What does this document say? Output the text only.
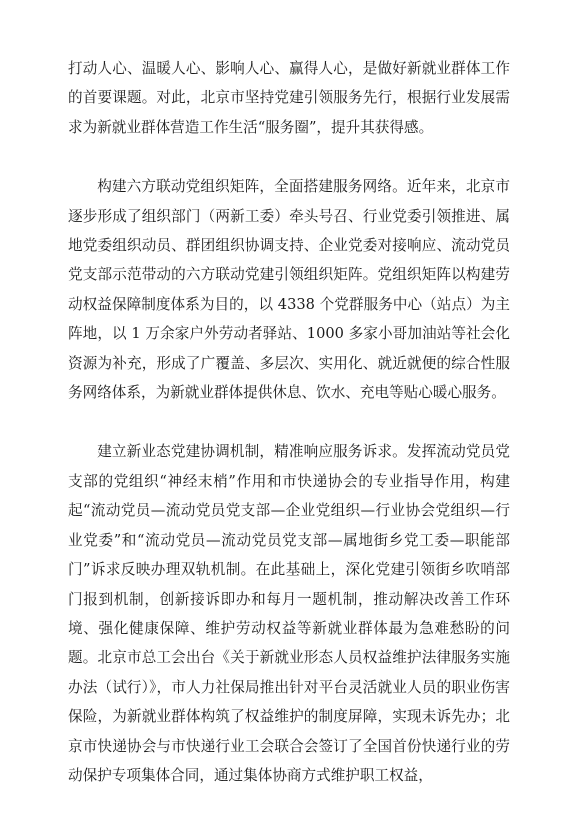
打动人心、温暖人心、影响人心、赢得人心，是做好新就业群体工作的首要课题。对此，北京市坚持党建引领服务先行，根据行业发展需求为新就业群体营造工作生活“服务圈”，提升其获得感。

构建六方联动党组织矩阵，全面搭建服务网络。近年来，北京市逐步形成了组织部门（两新工委）牵头号召、行业党委引领推进、属地党委组织动员、群团组织协调支持、企业党委对接响应、流动党员党支部示范带动的六方联动党建引领组织矩阵。党组织矩阵以构建劳动权益保障制度体系为目的，以 4338 个党群服务中心（站点）为主阵地，以 1 万余家户外劳动者驿站、1000 多家小哥加油站等社会化资源为补充，形成了广覆盖、多层次、实用化、就近就便的综合性服务网络体系，为新就业群体提供休息、饮水、充电等贴心暖心服务。

建立新业态党建协调机制，精准响应服务诉求。发挥流动党员党支部的党组织“神经末梢”作用和市快递协会的专业指导作用，构建起“流动党员—流动党员党支部—企业党组织—行业协会党组织—行业党委”和“流动党员—流动党员党支部—属地街乡党工委—职能部门”诉求反映办理双轨机制。在此基础上，深化党建引领街乡吹哨部门报到机制，创新接诉即办和每月一题机制，推动解决改善工作环境、强化健康保障、维护劳动权益等新就业群体最为急难愁盼的问题。北京市总工会出台《关于新就业形态人员权益维护法律服务实施办法（试行）》，市人力社保局推出针对平台灵活就业人员的职业伤害保险，为新就业群体构筑了权益维护的制度屏障，实现未诉先办；北京市快递协会与市快递行业工会联合会签订了全国首份快递行业的劳动保护专项集体合同，通过集体协商方式维护职工权益，
